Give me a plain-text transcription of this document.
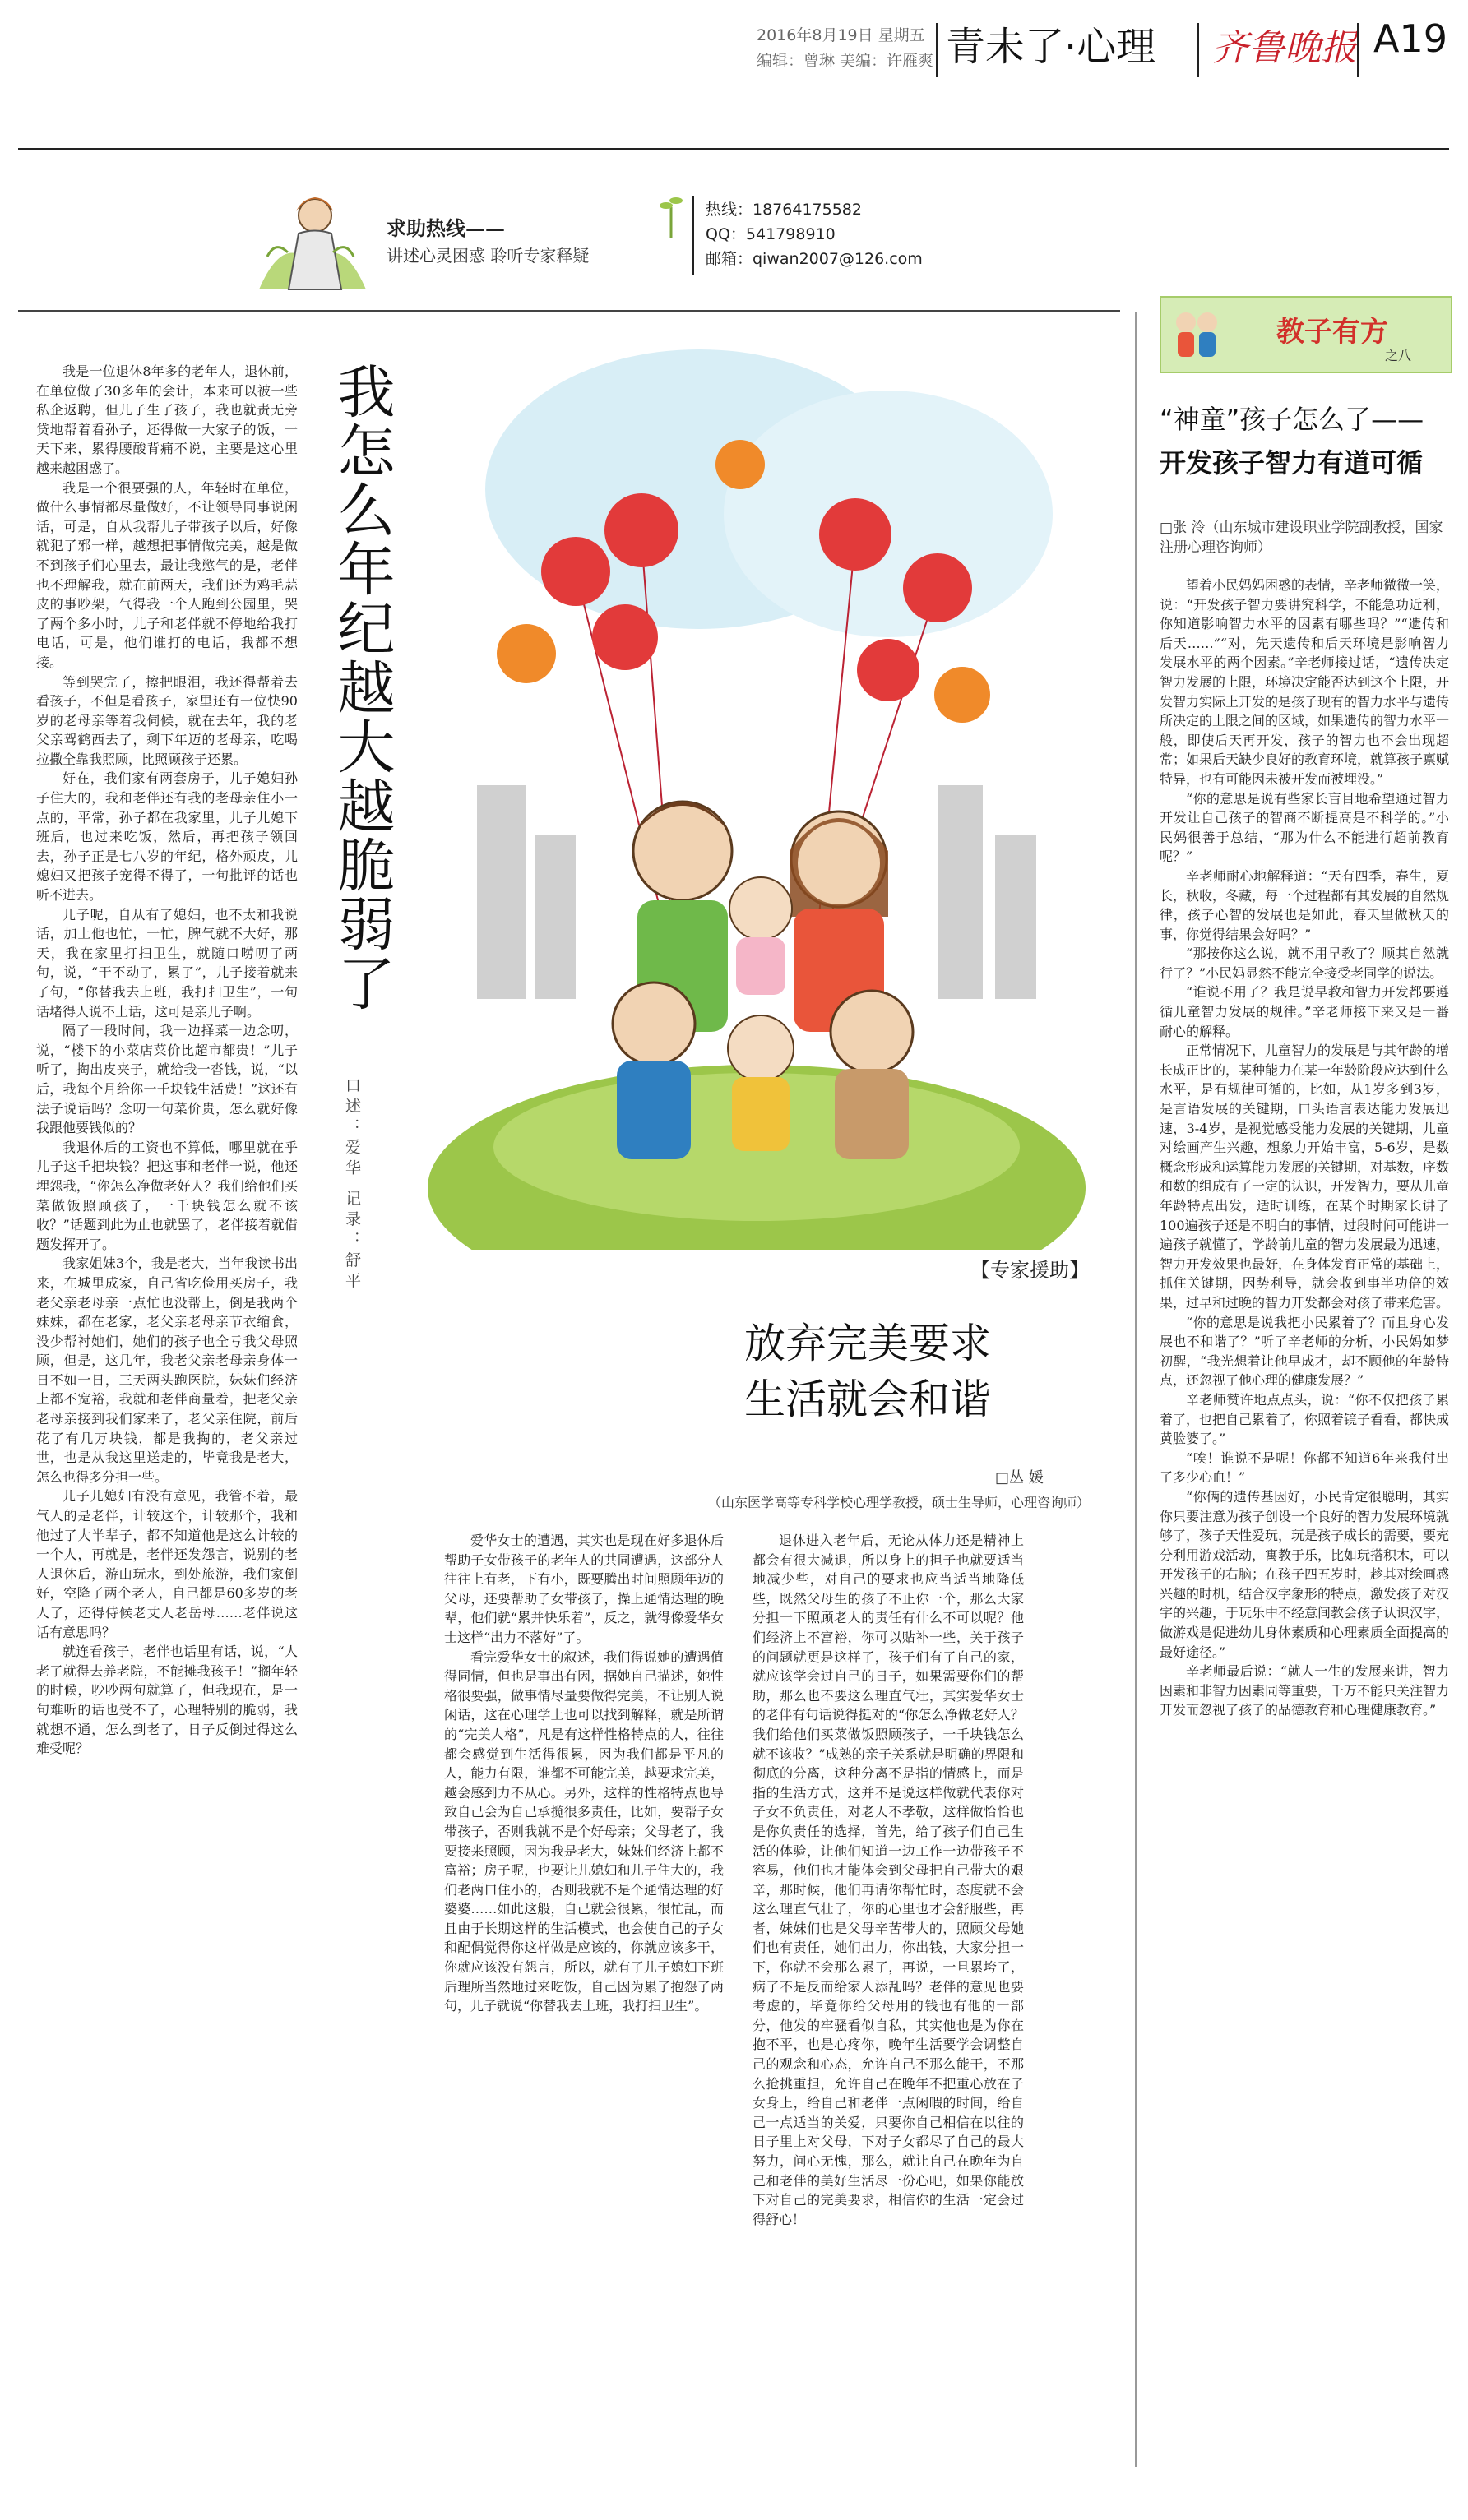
2016年8月19日 星期五
编辑：曾琳 美编：许雁爽 青未了·心理 齐鲁晚报 A19
求助热线——
讲述心灵困惑 聆听专家释疑
热线：18764175582
QQ：541798910
邮箱：qiwan2007@126.com
我怎么年纪越大越脆弱了
口述：爱华 记录：舒平

我是一位退休8年多的老年人，退休前，在单位做了30多年的会计，本来可以被一些私企返聘，但儿子生了孩子，我也就责无旁贷地帮着看孙子，还得做一大家子的饭，一天下来，累得腰酸背痛不说，主要是这心里越来越困惑了。

我是一个很要强的人，年轻时在单位，做什么事情都尽量做好，不让领导同事说闲话，可是，自从我帮儿子带孩子以后，好像就犯了邪一样，越想把事情做完美，越是做不到孩子们心里去，最让我憋气的是，老伴也不理解我，就在前两天，我们还为鸡毛蒜皮的事吵架，气得我一个人跑到公园里，哭了两个多小时，儿子和老伴就不停地给我打电话，可是，他们谁打的电话，我都不想接。

等到哭完了，擦把眼泪，我还得帮着去看孩子，不但是看孩子，家里还有一位快90岁的老母亲等着我伺候，就在去年，我的老父亲驾鹤西去了，剩下年迈的老母亲，吃喝拉撒全靠我照顾，比照顾孩子还累。

好在，我们家有两套房子，儿子媳妇孙子住大的，我和老伴还有我的老母亲住小一点的，平常，孙子都在我家里，儿子儿媳下班后，也过来吃饭，然后，再把孩子领回去，孙子正是七八岁的年纪，格外顽皮，儿媳妇又把孩子宠得不得了，一句批评的话也听不进去。

儿子呢，自从有了媳妇，也不太和我说话，加上他也忙，一忙，脾气就不大好，那天，我在家里打扫卫生，就随口唠叨了两句，说，“干不动了，累了”，儿子接着就来了句，“你替我去上班，我打扫卫生”，一句话堵得人说不上话，这可是亲儿子啊。

隔了一段时间，我一边择菜一边念叨，说，“楼下的小菜店菜价比超市都贵！”儿子听了，掏出皮夹子，就给我一沓钱，说，“以后，我每个月给你一千块钱生活费！”这还有法子说话吗？念叨一句菜价贵，怎么就好像我跟他要钱似的？

我退休后的工资也不算低，哪里就在乎儿子这千把块钱？把这事和老伴一说，他还埋怨我，“你怎么净做老好人？我们给他们买菜做饭照顾孩子，一千块钱怎么就不该收？”话题到此为止也就罢了，老伴接着就借题发挥开了。

我家姐妹3个，我是老大，当年我读书出来，在城里成家，自己省吃俭用买房子，我老父亲老母亲一点忙也没帮上，倒是我两个妹妹，都在老家，老父亲老母亲节衣缩食，没少帮衬她们，她们的孩子也全亏我父母照顾，但是，这几年，我老父亲老母亲身体一日不如一日，三天两头跑医院，妹妹们经济上都不宽裕，我就和老伴商量着，把老父亲老母亲接到我们家来了，老父亲住院，前后花了有几万块钱，都是我掏的，老父亲过世，也是从我这里送走的，毕竟我是老大，怎么也得多分担一些。

儿子儿媳妇有没有意见，我管不着，最气人的是老伴，计较这个，计较那个，我和他过了大半辈子，都不知道他是这么计较的一个人，再就是，老伴还发怨言，说别的老人退休后，游山玩水，到处旅游，我们家倒好，空降了两个老人，自己都是60多岁的老人了，还得侍候老丈人老岳母……老伴说这话有意思吗？

就连看孩子，老伴也话里有话，说，“人老了就得去养老院，不能摊我孩子！”搁年轻的时候，吵吵两句就算了，但我现在，是一句难听的话也受不了，心理特别的脆弱，我就想不通，怎么到老了，日子反倒过得这么难受呢？

【专家援助】
放弃完美要求
生活就会和谐
□丛 媛
（山东医学高等专科学校心理学教授，硕士生导师，心理咨询师）

爱华女士的遭遇，其实也是现在好多退休后帮助子女带孩子的老年人的共同遭遇，这部分人往往上有老，下有小，既要腾出时间照顾年迈的父母，还要帮助子女带孩子，操上通情达理的晚辈，他们就“累并快乐着”，反之，就得像爱华女士这样“出力不落好”了。

看完爱华女士的叙述，我们得说她的遭遇值得同情，但也是事出有因，据她自己描述，她性格很要强，做事情尽量要做得完美，不让别人说闲话，这在心理学上也可以找到解释，就是所谓的“完美人格”，凡是有这样性格特点的人，往往都会感觉到生活得很累，因为我们都是平凡的人，能力有限，谁都不可能完美，越要求完美，越会感到力不从心。另外，这样的性格特点也导致自己会为自己承揽很多责任，比如，要帮子女带孩子，否则我就不是个好母亲；父母老了，我要接来照顾，因为我是老大，妹妹们经济上都不富裕；房子呢，也要让儿媳妇和儿子住大的，我们老两口住小的，否则我就不是个通情达理的好婆婆……如此这般，自己就会很累，很忙乱，而且由于长期这样的生活模式，也会使自己的子女和配偶觉得你这样做是应该的，你就应该多干，你就应该没有怨言，所以，就有了儿子媳妇下班后理所当然地过来吃饭，自己因为累了抱怨了两句，儿子就说“你替我去上班，我打扫卫生”。

退休进入老年后，无论从体力还是精神上都会有很大减退，所以身上的担子也就要适当地减少些，对自己的要求也应当适当地降低些，既然父母生的孩子不止你一个，那么大家分担一下照顾老人的责任有什么不可以呢？他们经济上不富裕，你可以贴补一些，关于孩子的问题就更是这样了，孩子们有了自己的家，就应该学会过自己的日子，如果需要你们的帮助，那么也不要这么理直气壮，其实爱华女士的老伴有句话说得挺对的“你怎么净做老好人？我们给他们买菜做饭照顾孩子，一千块钱怎么就不该收？”成熟的亲子关系就是明确的界限和彻底的分离，这种分离不是指的情感上，而是指的生活方式，这并不是说这样做就代表你对子女不负责任，对老人不孝敬，这样做恰恰也是你负责任的选择，首先，给了孩子们自己生活的体验，让他们知道一边工作一边带孩子不容易，他们也才能体会到父母把自己带大的艰辛，那时候，他们再请你帮忙时，态度就不会这么理直气壮了，你的心里也才会舒服些，再者，妹妹们也是父母辛苦带大的，照顾父母她们也有责任，她们出力，你出钱，大家分担一下，你就不会那么累了，再说，一旦累垮了，病了不是反而给家人添乱吗？老伴的意见也要考虑的，毕竟你给父母用的钱也有他的一部分，他发的牢骚看似自私，其实他也是为你在抱不平，也是心疼你，晚年生活要学会调整自己的观念和心态，允许自己不那么能干，不那么抢挑重担，允许自己在晚年不把重心放在子女身上，给自己和老伴一点闲暇的时间，给自己一点适当的关爱，只要你自己相信在以往的日子里上对父母，下对子女都尽了自己的最大努力，问心无愧，那么，就让自己在晚年为自己和老伴的美好生活尽一份心吧，如果你能放下对自己的完美要求，相信你的生活一定会过得舒心！

教子有方
之八
“神童”孩子怎么了——
开发孩子智力有道可循
□张 泠（山东城市建设职业学院副教授，国家注册心理咨询师）

望着小民妈妈困惑的表情，辛老师微微一笑，说：“开发孩子智力要讲究科学，不能急功近利，你知道影响智力水平的因素有哪些吗？”“遗传和后天……”“对，先天遗传和后天环境是影响智力发展水平的两个因素。”辛老师接过话，“遗传决定智力发展的上限，环境决定能否达到这个上限，开发智力实际上开发的是孩子现有的智力水平与遗传所决定的上限之间的区域，如果遗传的智力水平一般，即使后天再开发，孩子的智力也不会出现超常；如果后天缺少良好的教育环境，就算孩子禀赋特异，也有可能因未被开发而被埋没。”

“你的意思是说有些家长盲目地希望通过智力开发让自己孩子的智商不断提高是不科学的。”小民妈很善于总结，“那为什么不能进行超前教育呢？”

辛老师耐心地解释道：“天有四季，春生，夏长，秋收，冬藏，每一个过程都有其发展的自然规律，孩子心智的发展也是如此，春天里做秋天的事，你觉得结果会好吗？”

“那按你这么说，就不用早教了？顺其自然就行了？”小民妈显然不能完全接受老同学的说法。

“谁说不用了？我是说早教和智力开发都要遵循儿童智力发展的规律。”辛老师接下来又是一番耐心的解释。

正常情况下，儿童智力的发展是与其年龄的增长成正比的，某种能力在某一年龄阶段应达到什么水平，是有规律可循的，比如，从1岁多到3岁，是言语发展的关键期，口头语言表达能力发展迅速，3-4岁，是视觉感受能力发展的关键期，儿童对绘画产生兴趣，想象力开始丰富，5-6岁，是数概念形成和运算能力发展的关键期，对基数，序数和数的组成有了一定的认识，开发智力，要从儿童年龄特点出发，适时训练，在某个时期家长讲了100遍孩子还是不明白的事情，过段时间可能讲一遍孩子就懂了，学龄前儿童的智力发展最为迅速，智力开发效果也最好，在身体发育正常的基础上，抓住关键期，因势利导，就会收到事半功倍的效果，过早和过晚的智力开发都会对孩子带来危害。

“你的意思是说我把小民累着了？而且身心发展也不和谐了？”听了辛老师的分析，小民妈如梦初醒，“我光想着让他早成才，却不顾他的年龄特点，还忽视了他心理的健康发展？”

辛老师赞许地点点头，说：“你不仅把孩子累着了，也把自己累着了，你照着镜子看看，都快成黄脸婆了。”

“唉！谁说不是呢！你都不知道6年来我付出了多少心血！”

“你俩的遗传基因好，小民肯定很聪明，其实你只要注意为孩子创设一个良好的智力发展环境就够了，孩子天性爱玩，玩是孩子成长的需要，要充分利用游戏活动，寓教于乐，比如玩搭积木，可以开发孩子的右脑；在孩子四五岁时，趁其对绘画感兴趣的时机，结合汉字象形的特点，激发孩子对汉字的兴趣，于玩乐中不经意间教会孩子认识汉字，做游戏是促进幼儿身体素质和心理素质全面提高的最好途径。”

辛老师最后说：“就人一生的发展来讲，智力因素和非智力因素同等重要，千万不能只关注智力开发而忽视了孩子的品德教育和心理健康教育。”
